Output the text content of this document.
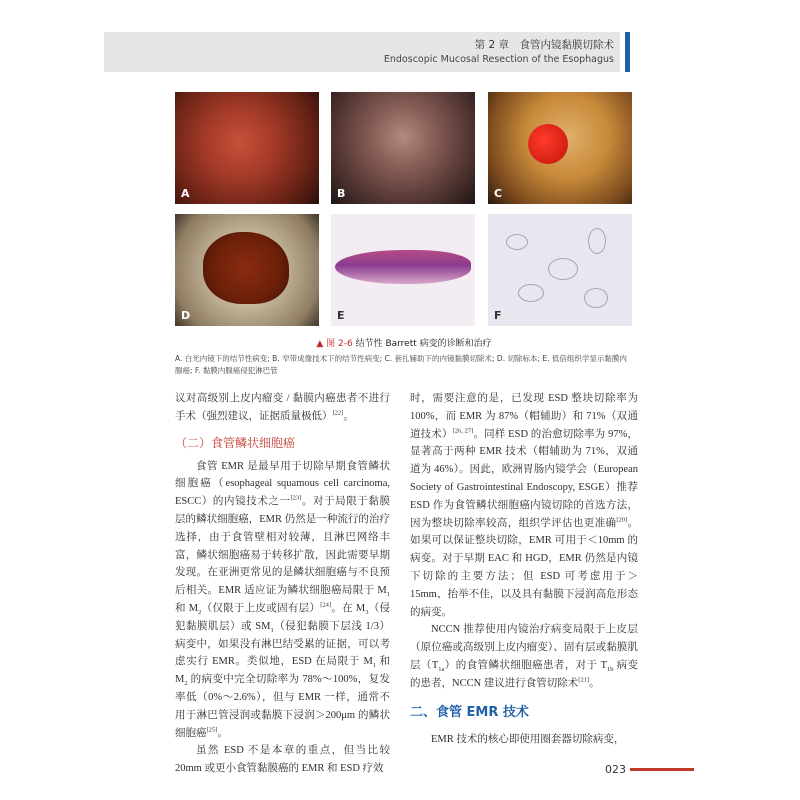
第 2 章　食管内镜黏膜切除术
Endoscopic Mucosal Resection of the Esophagus
A	B	C
D	E	F
▲ 图 2-6 结节性 Barrett 病变的诊断和治疗
A. 白光内镜下的结节性病变; B. 窄带成像技术下的结节性病变; C. 套扎辅助下的内镜黏膜切除术; D. 切除标本; E. 低倍组织学显示黏膜内腺癌; F. 黏膜内腺癌侵犯淋巴管

议对高级别上皮内瘤变 / 黏膜内癌患者不进行手术（强烈建议，证据质量极低）[22]。

（二）食管鳞状细胞癌

食管 EMR 是最早用于切除早期食管鳞状细胞癌（esophageal squamous cell carcinoma, ESCC）的内镜技术之一[23]。对于局限于黏膜层的鳞状细胞癌，EMR 仍然是一种流行的治疗选择，由于食管壁相对较薄，且淋巴网络丰富，鳞状细胞癌易于转移扩散，因此需要早期发现。在亚洲更常见的是鳞状细胞癌与不良预后相关。EMR 适应证为鳞状细胞癌局限于 $M_1$ 和 $M_2$（仅限于上皮或固有层）[24]。在 $M_3$（侵犯黏膜肌层）或 $SM_1$（侵犯黏膜下层浅 1/3）病变中，如果没有淋巴结受累的证据，可以考虑实行 EMR。类似地，ESD 在局限于 $M_1$ 和 $M_2$ 的病变中完全切除率为 78%～100%，复发率低（0%～2.6%），但与 EMR 一样，通常不用于淋巴管浸润或黏膜下浸润＞200μm 的鳞状细胞癌[25]。

虽然 ESD 不是本章的重点，但当比较 20mm 或更小食管黏膜癌的 EMR 和 ESD 疗效

时，需要注意的是，已发现 ESD 整块切除率为 100%，而 EMR 为 87%（帽辅助）和 71%（双通道技术）[26, 27]。同样 ESD 的治愈切除率为 97%，显著高于两种 EMR 技术（帽辅助为 71%，双通道为 46%）。因此，欧洲胃肠内镜学会（European Society of Gastrointestinal Endoscopy, ESGE）推荐 ESD 作为食管鳞状细胞癌内镜切除的首选方法，因为整块切除率较高，组织学评估也更准确[20]。如果可以保证整块切除，EMR 可用于＜10mm 的病变。对于早期 EAC 和 HGD，EMR 仍然是内镜下切除的主要方法；但 ESD 可考虑用于＞15mm、抬举不佳，以及具有黏膜下浸润高危形态的病变。

NCCN 推荐使用内镜治疗病变局限于上皮层（原位癌或高级别上皮内瘤变）、固有层或黏膜肌层$(T_{1a})$的食管鳞状细胞癌患者，对于 $T_{1b}$ 病变的患者，NCCN 建议进行食管切除术[21]。

二、食管 EMR 技术

EMR 技术的核心即使用圈套器切除病变，

023
